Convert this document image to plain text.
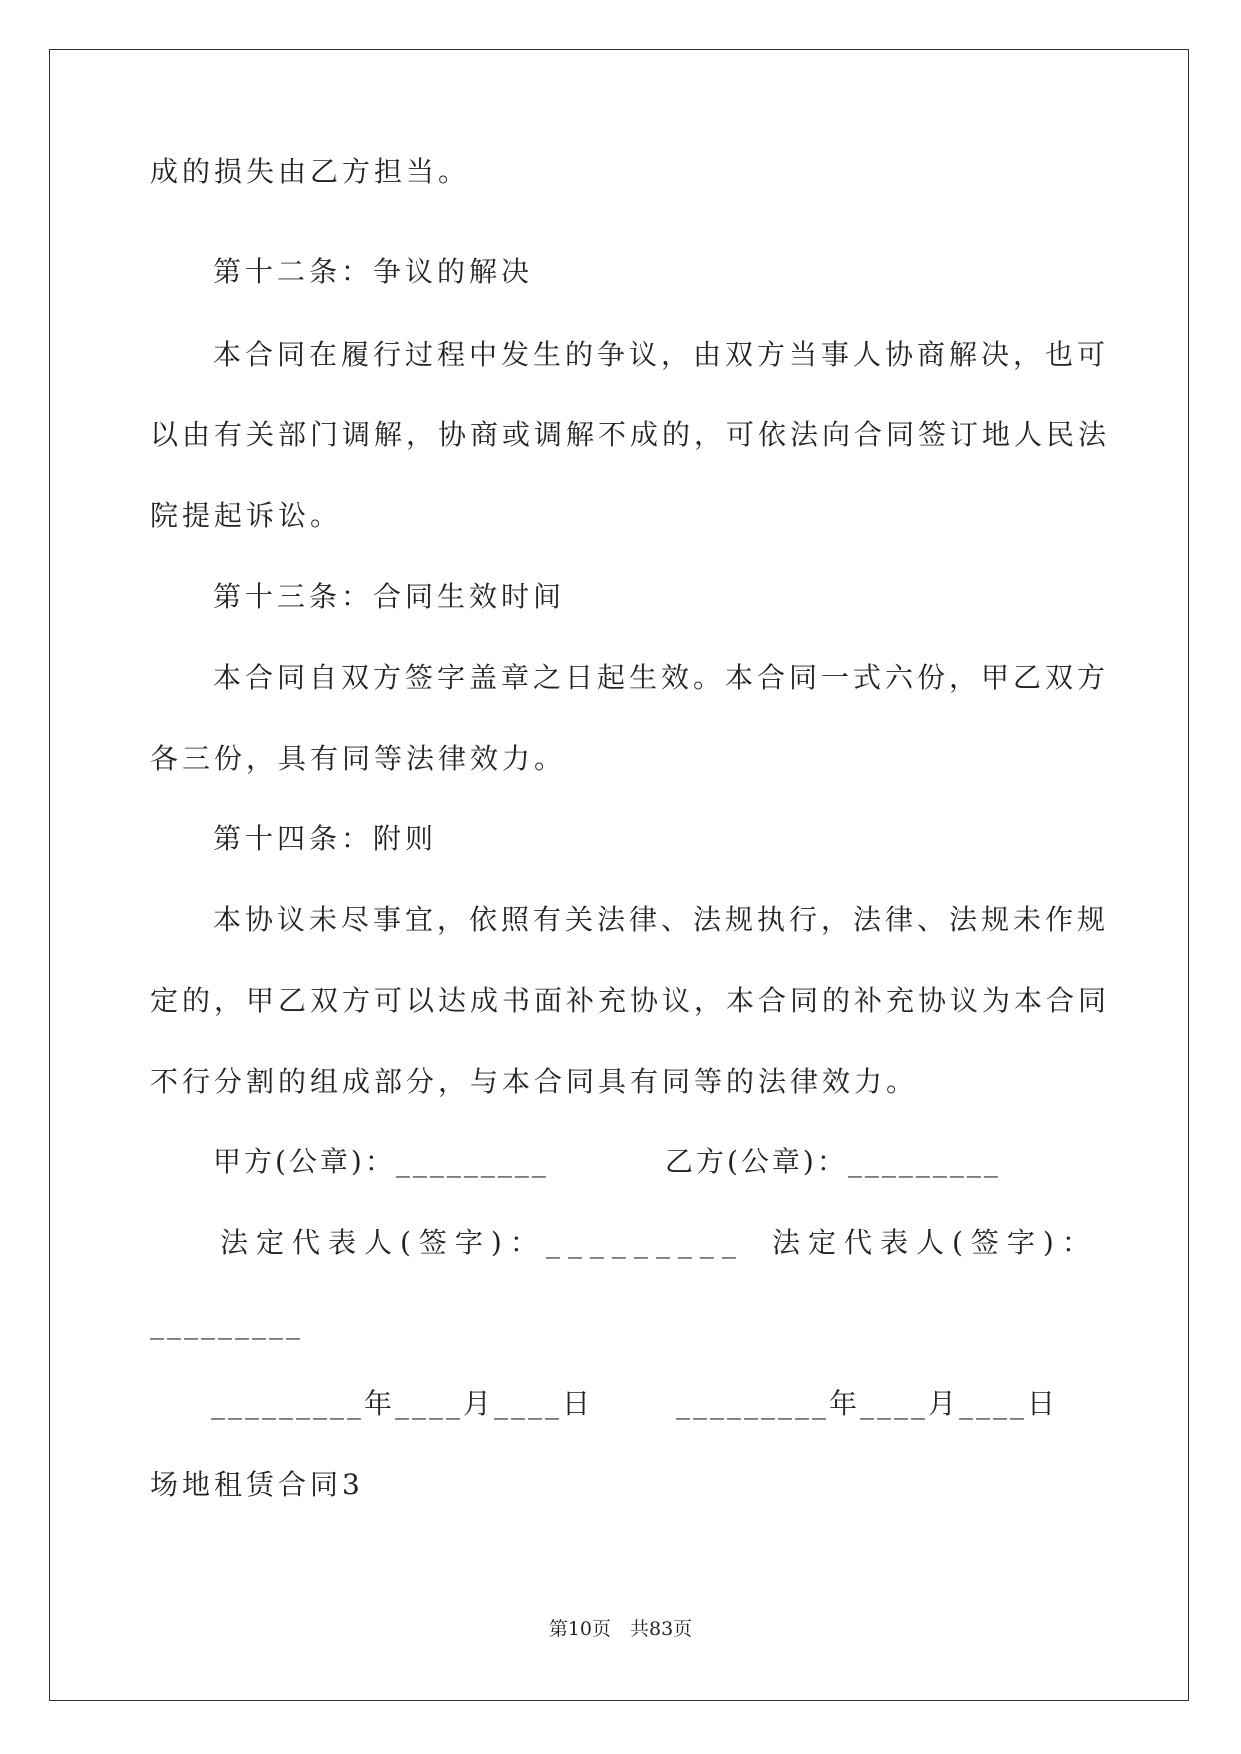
成的损失由乙方担当。
第十二条：争议的解决
本合同在履行过程中发生的争议，由双方当事人协商解决，也可
以由有关部门调解，协商或调解不成的，可依法向合同签订地人民法
院提起诉讼。
第十三条：合同生效时间
本合同自双方签字盖章之日起生效。本合同一式六份，甲乙双方
各三份，具有同等法律效力。
第十四条：附则
本协议未尽事宜，依照有关法律、法规执行，法律、法规未作规
定的，甲乙双方可以达成书面补充协议，本合同的补充协议为本合同
不行分割的组成部分，与本合同具有同等的法律效力。
甲方(公章)：_________	乙方(公章)：_________
法定代表人(签字)：_________ 法定代表人(签字)：
_________
_________年____月____日	_________年____月____日
场地租赁合同3
第10页　共83页
